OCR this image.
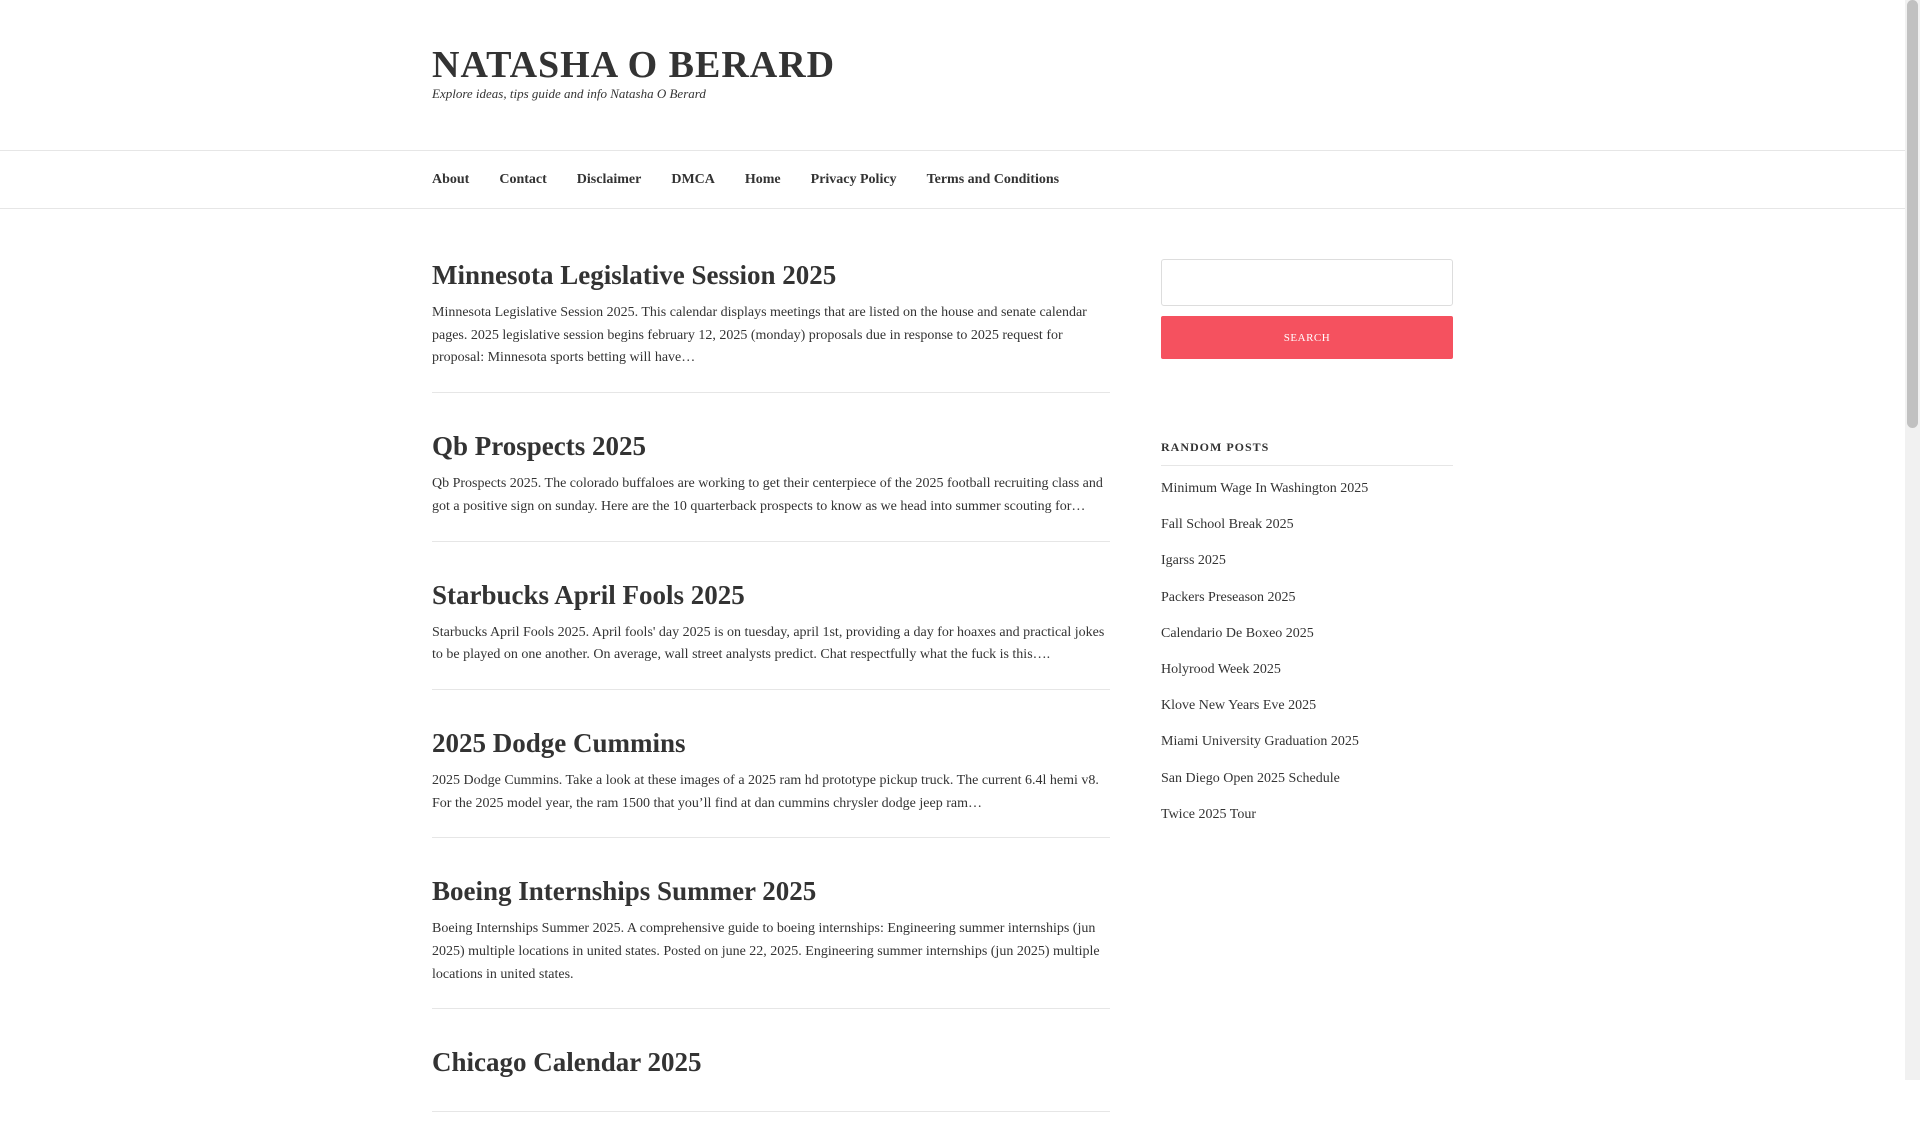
NATASHA O BERARD

Explore ideas, tips guide and info Natasha O Berard

About Contact Disclaimer DMCA Home Privacy Policy Terms and Conditions
Minnesota Legislative Session 2025

Minnesota Legislative Session 2025. This calendar displays meetings that are listed on the house and senate calendar pages. 2025 legislative session begins february 12, 2025 (monday) proposals due in response to 2025 request for proposal: Minnesota sports betting will have…

Qb Prospects 2025

Qb Prospects 2025. The colorado buffaloes are working to get their centerpiece of the 2025 football recruiting class and got a positive sign on sunday. Here are the 10 quarterback prospects to know as we head into summer scouting for…

Starbucks April Fools 2025

Starbucks April Fools 2025. April fools' day 2025 is on tuesday, april 1st, providing a day for hoaxes and practical jokes to be played on one another. On average, wall street analysts predict. Chat respectfully what the fuck is this….

2025 Dodge Cummins

2025 Dodge Cummins. Take a look at these images of a 2025 ram hd prototype pickup truck. The current 6.4l hemi v8. For the 2025 model year, the ram 1500 that you’ll find at dan cummins chrysler dodge jeep ram…

Boeing Internships Summer 2025

Boeing Internships Summer 2025. A comprehensive guide to boeing internships: Engineering summer internships (jun 2025) multiple locations in united states. Posted on june 22, 2025. Engineering summer internships (jun 2025) multiple locations in united states.

Chicago Calendar 2025
SEARCH
RANDOM POSTS
Minimum Wage In Washington 2025
Fall School Break 2025
Igarss 2025
Packers Preseason 2025
Calendario De Boxeo 2025
Holyrood Week 2025
Klove New Years Eve 2025
Miami University Graduation 2025
San Diego Open 2025 Schedule
Twice 2025 Tour
